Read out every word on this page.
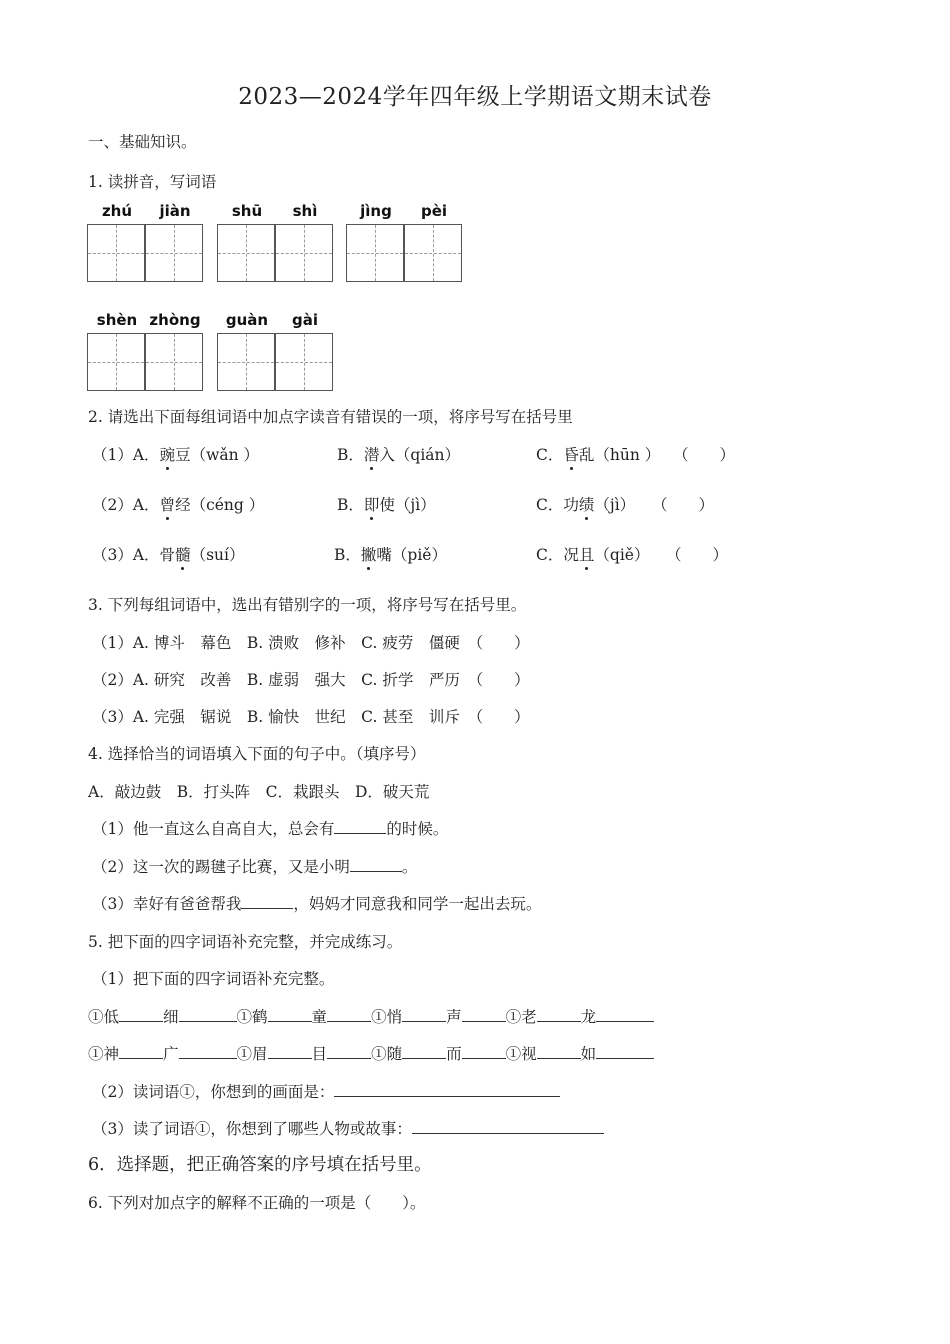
2023—2024学年四年级上学期语文期末试卷
一、基础知识。
1. 读拼音，写词语
zhú	jiàn	shū	shì	jìng	pèi
shèn zhòng	guàn	gài
2. 请选出下面每组词语中加点字读音有错误的一项，将序号写在括号里
（1）A．豌豆（wǎn ）	B．潜入（qián）	C．昏乱（hūn ） （　　）
（2）A．曾经（céng ）	B．即使（jì）	C．功绩（jì） （　　）
（3）A．骨髓（suí）	B．撇嘴（piě）	C．况且（qiě） （　　）
3. 下列每组词语中，选出有错别字的一项，将序号写在括号里。
（1）A. 博斗　幕色　B. 溃败　修补　C. 疲劳　僵硬　（　　）
（2）A. 研究　改善　B. 虚弱　强大　C. 折学　严历　（　　）
（3）A. 完强　锯说　B. 愉快　世纪　C. 甚至　训斥　（　　）
4. 选择恰当的词语填入下面的句子中。（填序号）
A．敲边鼓　B．打头阵　C．栽跟头　D．破天荒
（1）他一直这么自高自大，总会有	的时候。
（2）这一次的踢毽子比赛，又是小明	。
（3）幸好有爸爸帮我	，妈妈才同意我和同学一起出去玩。
5. 把下面的四字词语补充完整，并完成练习。
（1）把下面的四字词语补充完整。
①低	细	①鹤	童	①悄	声	①老	龙
①神	广	①眉	目	①随	而	①视	如
（2）读词语①，你想到的画面是：
（3）读了词语①，你想到了哪些人物或故事：
6．选择题，把正确答案的序号填在括号里。
6. 下列对加点字的解释不正确的一项是（　　）。
